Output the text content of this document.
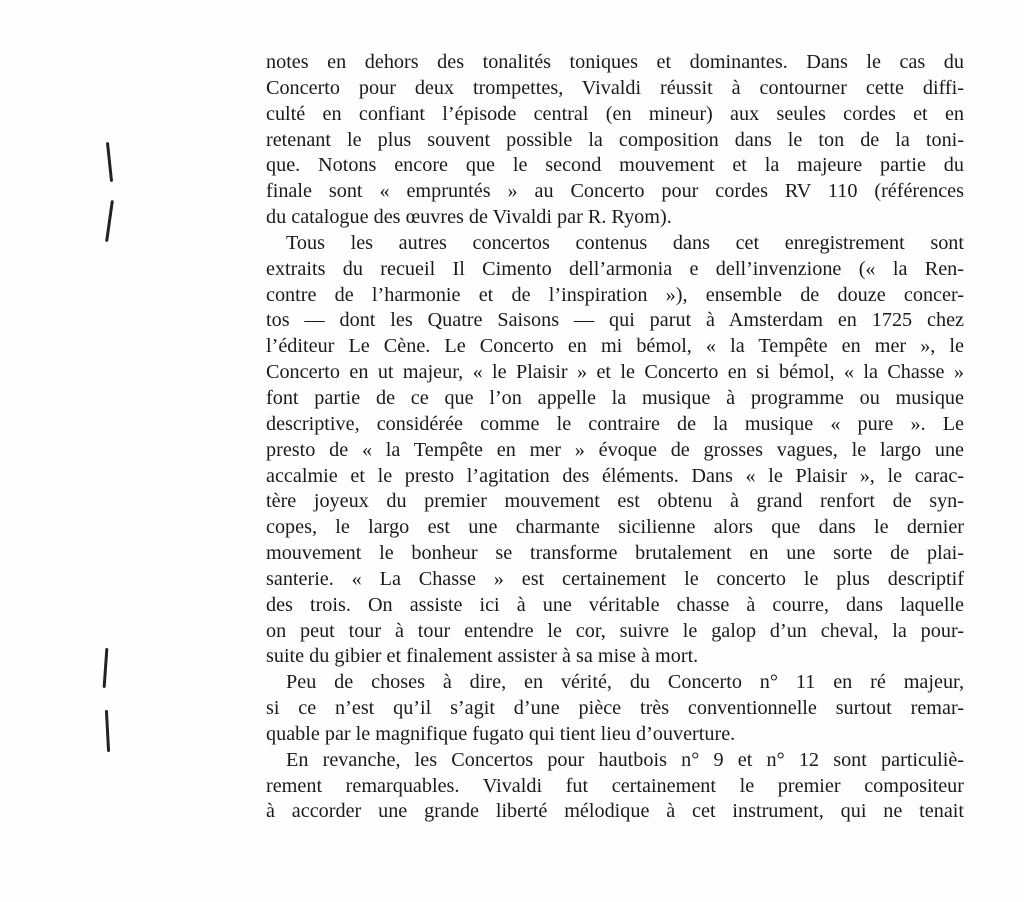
notes en dehors des tonalités toniques et dominantes. Dans le cas du
Concerto pour deux trompettes, Vivaldi réussit à contourner cette diffi-
culté en confiant l’épisode central (en mineur) aux seules cordes et en
retenant le plus souvent possible la composition dans le ton de la toni-
que. Notons encore que le second mouvement et la majeure partie du
finale sont « empruntés » au Concerto pour cordes RV 110 (références
du catalogue des œuvres de Vivaldi par R. Ryom).
Tous les autres concertos contenus dans cet enregistrement sont
extraits du recueil Il Cimento dell’armonia e dell’invenzione (« la Ren-
contre de l’harmonie et de l’inspiration »), ensemble de douze concer-
tos — dont les Quatre Saisons — qui parut à Amsterdam en 1725 chez
l’éditeur Le Cène. Le Concerto en mi bémol, « la Tempête en mer », le
Concerto en ut majeur, « le Plaisir » et le Concerto en si bémol, « la Chasse »
font partie de ce que l’on appelle la musique à programme ou musique
descriptive, considérée comme le contraire de la musique « pure ». Le
presto de « la Tempête en mer » évoque de grosses vagues, le largo une
accalmie et le presto l’agitation des éléments. Dans « le Plaisir », le carac-
tère joyeux du premier mouvement est obtenu à grand renfort de syn-
copes, le largo est une charmante sicilienne alors que dans le dernier
mouvement le bonheur se transforme brutalement en une sorte de plai-
santerie. « La Chasse » est certainement le concerto le plus descriptif
des trois. On assiste ici à une véritable chasse à courre, dans laquelle
on peut tour à tour entendre le cor, suivre le galop d’un cheval, la pour-
suite du gibier et finalement assister à sa mise à mort.
Peu de choses à dire, en vérité, du Concerto n° 11 en ré majeur,
si ce n’est qu’il s’agit d’une pièce très conventionnelle surtout remar-
quable par le magnifique fugato qui tient lieu d’ouverture.
En revanche, les Concertos pour hautbois n° 9 et n° 12 sont particuliè-
rement remarquables. Vivaldi fut certainement le premier compositeur
à accorder une grande liberté mélodique à cet instrument, qui ne tenait
